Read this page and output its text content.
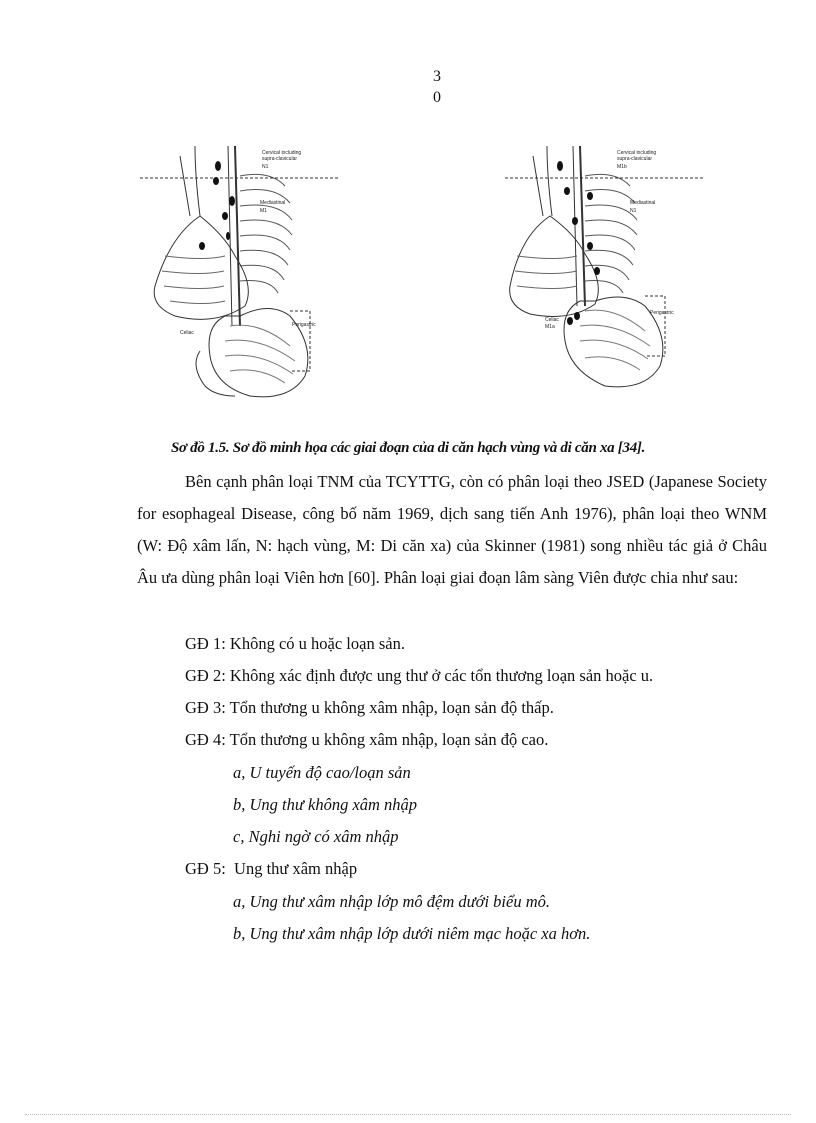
3
0
Cervical including
supra-clavicular
N1
Mediastinal
M1
Celiac
Perigastric
Cervical including
supra-clavicular
M1b
Mediastinal
N1
Celiac
M1a
Perigastric
Sơ đồ 1.5. Sơ đồ minh họa các giai đoạn của di căn hạch vùng và di căn xa [34].
Bên cạnh phân loại TNM của TCYTTG, còn có phân loại theo JSED (Japanese Society for esophageal Disease, công bố năm 1969, dịch sang tiến Anh 1976), phân loại theo WNM (W: Độ xâm lấn, N: hạch vùng, M: Di căn xa) của Skinner (1981) song nhiều tác giả ở Châu Âu ưa dùng phân loại Viên hơn [60]. Phân loại giai đoạn lâm sàng Viên được chia như sau:
GĐ 1: Không có u hoặc loạn sản.
GĐ 2: Không xác định được ung thư ở các tổn thương loạn sản hoặc u.
GĐ 3: Tổn thương u không xâm nhập, loạn sản độ thấp.
GĐ 4: Tổn thương u không xâm nhập, loạn sản độ cao.
a, U tuyến độ cao/loạn sản
b, Ung thư không xâm nhập
c, Nghi ngờ có xâm nhập
GĐ 5:  Ung thư xâm nhập
a, Ung thư xâm nhập lớp mô đệm dưới biểu mô.
b, Ung thư xâm nhập lớp dưới niêm mạc hoặc xa hơn.
